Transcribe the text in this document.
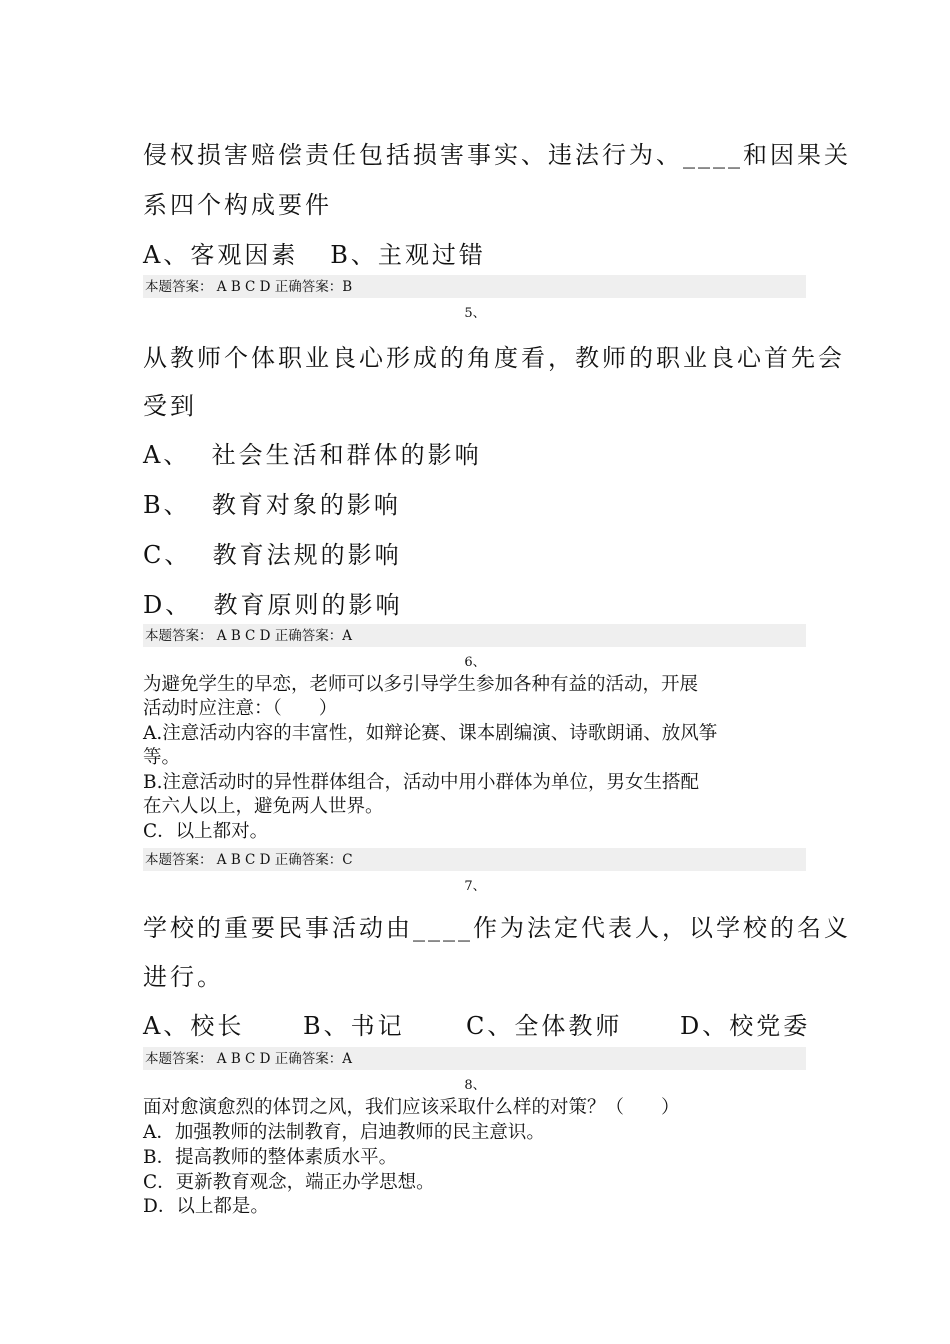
侵权损害赔偿责任包括损害事实、违法行为、____和因果关
系四个构成要件
A、客观因素   B、主观过错
本题答案： A B C D 正确答案：B
5、
从教师个体职业良心形成的角度看，教师的职业良心首先会
受到
A、  社会生活和群体的影响
B、  教育对象的影响
C、  教育法规的影响
D、  教育原则的影响
本题答案： A B C D 正确答案：A
6、
为避免学生的早恋，老师可以多引导学生参加各种有益的活动，开展
活动时应注意：（　　）
A.注意活动内容的丰富性，如辩论赛、课本剧编演、诗歌朗诵、放风筝
等。
B.注意活动时的异性群体组合，活动中用小群体为单位，男女生搭配
在六人以上，避免两人世界。
C．以上都对。
本题答案： A B C D 正确答案：C
7、
学校的重要民事活动由____作为法定代表人，以学校的名义
进行。
A、校长 B、书记	C、全体教师 D、校党委
本题答案： A B C D 正确答案：A
8、
面对愈演愈烈的体罚之风，我们应该采取什么样的对策？（　　）
A．加强教师的法制教育，启迪教师的民主意识。
B．提高教师的整体素质水平。
C．更新教育观念，端正办学思想。
D．以上都是。
